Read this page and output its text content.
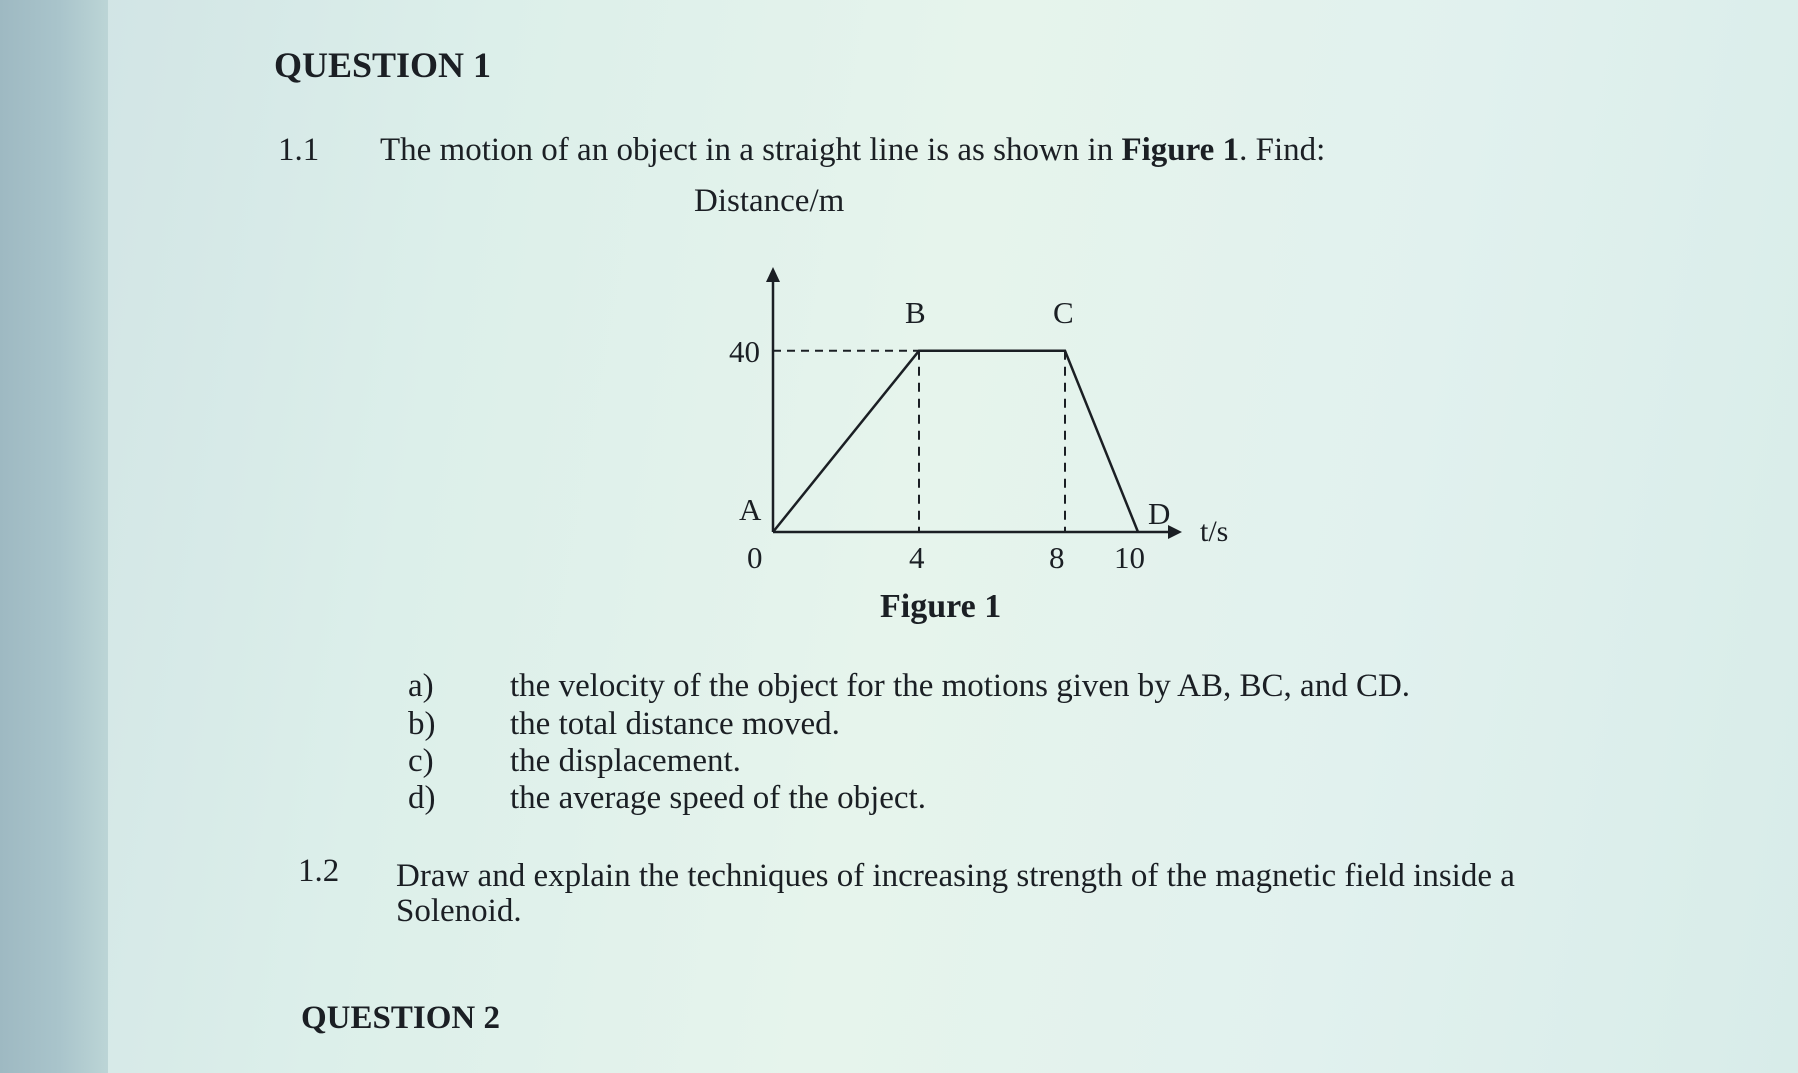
QUESTION 1
1.1 The motion of an object in a straight line is as shown in Figure 1. Find:
Distance/m
t/s
A
B	C
D
0	4	8 10
40
Figure 1
a) the velocity of the object for the motions given by AB, BC, and CD.
b) the total distance moved.
c) the displacement.
d) the average speed of the object.
1.2 Draw and explain the techniques of increasing strength of the magnetic field inside a
Solenoid.
QUESTION 2
